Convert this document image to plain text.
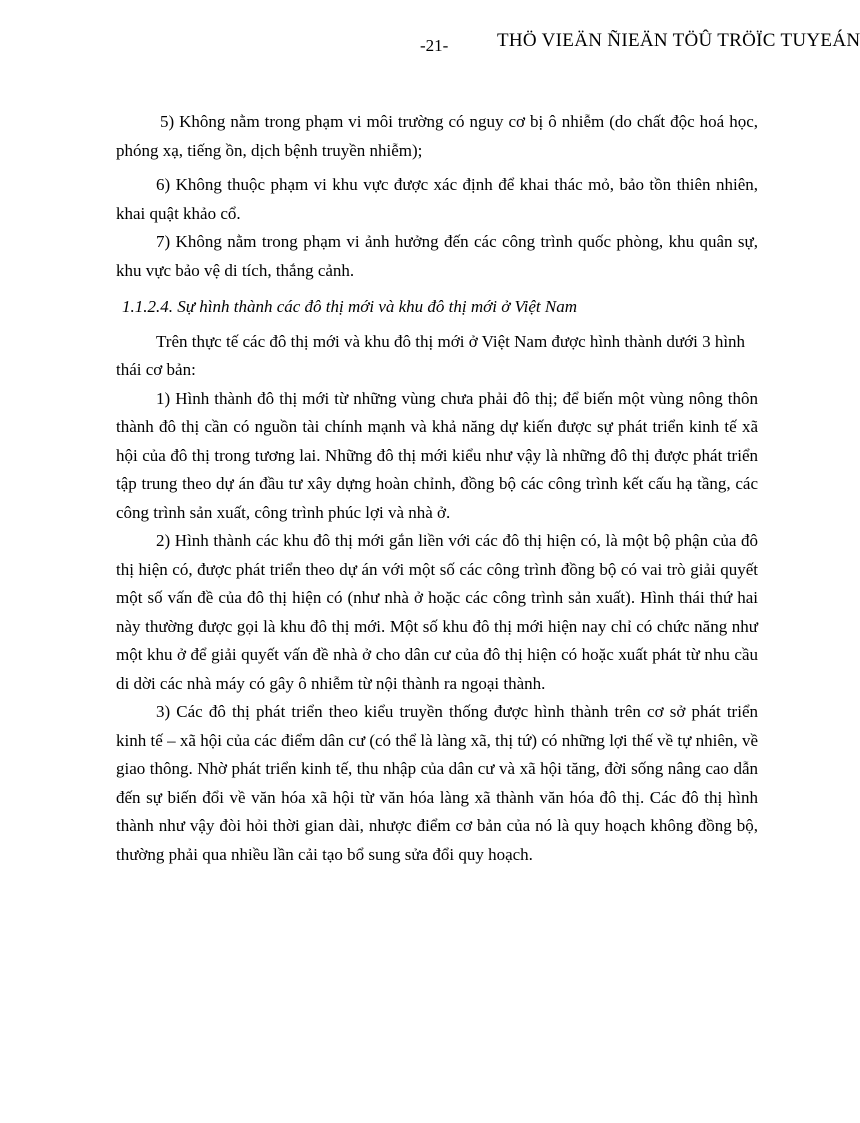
-21-	THÖ VIEÄN ÑIEÄN TÖÛ TRÖÏC TUYEÁN

5) Không nằm trong phạm vi môi trường có nguy cơ bị ô nhiễm (do chất độc hoá học, phóng xạ, tiếng ồn, dịch bệnh truyền nhiễm);

6) Không thuộc phạm vi khu vực được xác định để khai thác mỏ, bảo tồn thiên nhiên, khai quật khảo cổ.

7) Không nằm trong phạm vi ảnh hưởng đến các công trình quốc phòng, khu quân sự, khu vực bảo vệ di tích, thắng cảnh.

1.1.2.4. Sự hình thành các đô thị mới và khu đô thị mới ở Việt Nam

Trên thực tế các đô thị mới và khu đô thị mới ở Việt Nam được hình thành dưới 3 hình thái cơ bản:

1) Hình thành đô thị mới từ những vùng chưa phải đô thị; để biến một vùng nông thôn thành đô thị cần có nguồn tài chính mạnh và khả năng dự kiến được sự phát triển kinh tế xã hội của đô thị trong tương lai. Những đô thị mới kiểu như vậy là những đô thị được phát triển tập trung theo dự án đầu tư xây dựng hoàn chỉnh, đồng bộ các công trình kết cấu hạ tầng, các công trình sản xuất, công trình phúc lợi và nhà ở.

2) Hình thành các khu đô thị mới gắn liền với các đô thị hiện có, là một bộ phận của đô thị hiện có, được phát triển theo dự án với một số các công trình đồng bộ có vai trò giải quyết một số vấn đề của đô thị hiện có (như nhà ở hoặc các công trình sản xuất). Hình thái thứ hai này thường được gọi là khu đô thị mới. Một số khu đô thị mới hiện nay chỉ có chức năng như một khu ở để giải quyết vấn đề nhà ở cho dân cư của đô thị hiện có hoặc xuất phát từ nhu cầu di dời các nhà máy có gây ô nhiễm từ nội thành ra ngoại thành.

3) Các đô thị phát triển theo kiểu truyền thống được hình thành trên cơ sở phát triển kinh tế – xã hội của các điểm dân cư (có thể là làng xã, thị tứ) có những lợi thế về tự nhiên, về giao thông. Nhờ phát triển kinh tế, thu nhập của dân cư và xã hội tăng, đời sống nâng cao dẫn đến sự biến đổi về văn hóa xã hội từ văn hóa làng xã thành văn hóa đô thị. Các đô thị hình thành như vậy đòi hỏi thời gian dài, nhược điểm cơ bản của nó là quy hoạch không đồng bộ, thường phải qua nhiều lần cải tạo bổ sung sửa đổi quy hoạch.
